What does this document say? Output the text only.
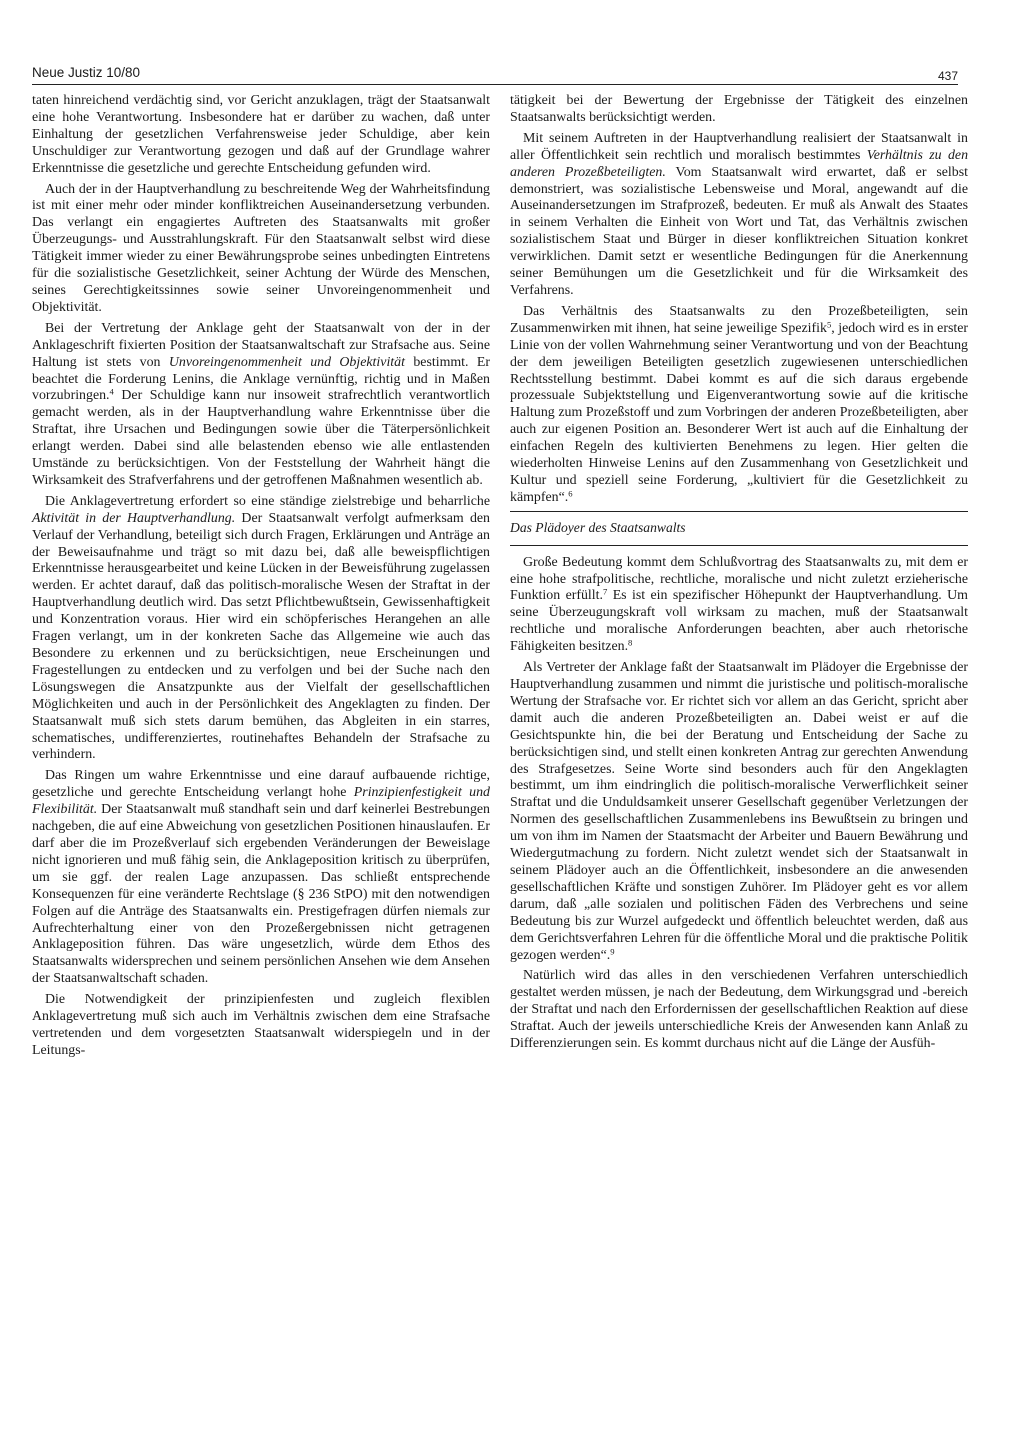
Neue Justiz 10/80	437

taten hinreichend verdächtig sind, vor Gericht anzuklagen, trägt der Staatsanwalt eine hohe Verantwortung. Insbesondere hat er darüber zu wachen, daß unter Einhaltung der gesetzlichen Verfahrensweise jeder Schuldige, aber kein Unschuldiger zur Verantwortung gezogen und daß auf der Grundlage wahrer Erkenntnisse die gesetzliche und gerechte Entscheidung gefunden wird.

Auch der in der Hauptverhandlung zu beschreitende Weg der Wahrheitsfindung ist mit einer mehr oder minder konfliktreichen Auseinandersetzung verbunden. Das verlangt ein engagiertes Auftreten des Staatsanwalts mit großer Überzeugungs- und Ausstrahlungskraft. Für den Staatsanwalt selbst wird diese Tätigkeit immer wieder zu einer Bewährungsprobe seines unbedingten Eintretens für die sozialistische Gesetzlichkeit, seiner Achtung der Würde des Menschen, seines Gerechtigkeitssinnes sowie seiner Unvoreingenommenheit und Objektivität.

Bei der Vertretung der Anklage geht der Staatsanwalt von der in der Anklageschrift fixierten Position der Staatsanwaltschaft zur Strafsache aus. Seine Haltung ist stets von Unvoreingenommenheit und Objektivität bestimmt. Er beachtet die Forderung Lenins, die Anklage vernünftig, richtig und in Maßen vorzubringen.$^4$ Der Schuldige kann nur insoweit strafrechtlich verantwortlich gemacht werden, als in der Hauptverhandlung wahre Erkenntnisse über die Straftat, ihre Ursachen und Bedingungen sowie über die Täterpersönlichkeit erlangt werden. Dabei sind alle belastenden ebenso wie alle entlastenden Umstände zu berücksichtigen. Von der Feststellung der Wahrheit hängt die Wirksamkeit des Strafverfahrens und der getroffenen Maßnahmen wesentlich ab.

Die Anklagevertretung erfordert so eine ständige zielstrebige und beharrliche Aktivität in der Hauptverhandlung. Der Staatsanwalt verfolgt aufmerksam den Verlauf der Verhandlung, beteiligt sich durch Fragen, Erklärungen und Anträge an der Beweisaufnahme und trägt so mit dazu bei, daß alle beweispflichtigen Erkenntnisse herausgearbeitet und keine Lücken in der Beweisführung zugelassen werden. Er achtet darauf, daß das politisch-moralische Wesen der Straftat in der Hauptverhandlung deutlich wird. Das setzt Pflichtbewußtsein, Gewissenhaftigkeit und Konzentration voraus. Hier wird ein schöpferisches Herangehen an alle Fragen verlangt, um in der konkreten Sache das Allgemeine wie auch das Besondere zu erkennen und zu berücksichtigen, neue Erscheinungen und Fragestellungen zu entdecken und zu verfolgen und bei der Suche nach den Lösungswegen die Ansatzpunkte aus der Vielfalt der gesellschaftlichen Möglichkeiten und auch in der Persönlichkeit des Angeklagten zu finden. Der Staatsanwalt muß sich stets darum bemühen, das Abgleiten in ein starres, schematisches, undifferenziertes, routinehaftes Behandeln der Strafsache zu verhindern.

Das Ringen um wahre Erkenntnisse und eine darauf aufbauende richtige, gesetzliche und gerechte Entscheidung verlangt hohe Prinzipienfestigkeit und Flexibilität. Der Staatsanwalt muß standhaft sein und darf keinerlei Bestrebungen nachgeben, die auf eine Abweichung von gesetzlichen Positionen hinauslaufen. Er darf aber die im Prozeßverlauf sich ergebenden Veränderungen der Beweislage nicht ignorieren und muß fähig sein, die Anklageposition kritisch zu überprüfen, um sie ggf. der realen Lage anzupassen. Das schließt entsprechende Konsequenzen für eine veränderte Rechtslage (§ 236 StPO) mit den notwendigen Folgen auf die Anträge des Staatsanwalts ein. Prestigefragen dürfen niemals zur Aufrechterhaltung einer von den Prozeßergebnissen nicht getragenen Anklageposition führen. Das wäre ungesetzlich, würde dem Ethos des Staatsanwalts widersprechen und seinem persönlichen Ansehen wie dem Ansehen der Staatsanwaltschaft schaden.

Die Notwendigkeit der prinzipienfesten und zugleich flexiblen Anklagevertretung muß sich auch im Verhältnis zwischen dem eine Strafsache vertretenden und dem vorgesetzten Staatsanwalt widerspiegeln und in der Leitungs-

tätigkeit bei der Bewertung der Ergebnisse der Tätigkeit des einzelnen Staatsanwalts berücksichtigt werden.

Mit seinem Auftreten in der Hauptverhandlung realisiert der Staatsanwalt in aller Öffentlichkeit sein rechtlich und moralisch bestimmtes Verhältnis zu den anderen Prozeßbeteiligten. Vom Staatsanwalt wird erwartet, daß er selbst demonstriert, was sozialistische Lebensweise und Moral, angewandt auf die Auseinandersetzungen im Strafprozeß, bedeuten. Er muß als Anwalt des Staates in seinem Verhalten die Einheit von Wort und Tat, das Verhältnis zwischen sozialistischem Staat und Bürger in dieser konfliktreichen Situation konkret verwirklichen. Damit setzt er wesentliche Bedingungen für die Anerkennung seiner Bemühungen um die Gesetzlichkeit und für die Wirksamkeit des Verfahrens.

Das Verhältnis des Staatsanwalts zu den Prozeßbeteiligten, sein Zusammenwirken mit ihnen, hat seine jeweilige Spezifik$^5$, jedoch wird es in erster Linie von der vollen Wahrnehmung seiner Verantwortung und von der Beachtung der dem jeweiligen Beteiligten gesetzlich zugewiesenen unterschiedlichen Rechtsstellung bestimmt. Dabei kommt es auf die sich daraus ergebende prozessuale Subjektstellung und Eigenverantwortung sowie auf die kritische Haltung zum Prozeßstoff und zum Vorbringen der anderen Prozeßbeteiligten, aber auch zur eigenen Position an. Besonderer Wert ist auch auf die Einhaltung der einfachen Regeln des kultivierten Benehmens zu legen. Hier gelten die wiederholten Hinweise Lenins auf den Zusammenhang von Gesetzlichkeit und Kultur und speziell seine Forderung, „kultiviert für die Gesetzlichkeit zu kämpfen“.$^6$

Das Plädoyer des Staatsanwalts

Große Bedeutung kommt dem Schlußvortrag des Staatsanwalts zu, mit dem er eine hohe strafpolitische, rechtliche, moralische und nicht zuletzt erzieherische Funktion erfüllt.$^7$ Es ist ein spezifischer Höhepunkt der Hauptverhandlung. Um seine Überzeugungskraft voll wirksam zu machen, muß der Staatsanwalt rechtliche und moralische Anforderungen beachten, aber auch rhetorische Fähigkeiten besitzen.$^8$

Als Vertreter der Anklage faßt der Staatsanwalt im Plädoyer die Ergebnisse der Hauptverhandlung zusammen und nimmt die juristische und politisch-moralische Wertung der Strafsache vor. Er richtet sich vor allem an das Gericht, spricht aber damit auch die anderen Prozeßbeteiligten an. Dabei weist er auf die Gesichtspunkte hin, die bei der Beratung und Entscheidung der Sache zu berücksichtigen sind, und stellt einen konkreten Antrag zur gerechten Anwendung des Strafgesetzes. Seine Worte sind besonders auch für den Angeklagten bestimmt, um ihm eindringlich die politisch-moralische Verwerflichkeit seiner Straftat und die Unduldsamkeit unserer Gesellschaft gegenüber Verletzungen der Normen des gesellschaftlichen Zusammenlebens ins Bewußtsein zu bringen und um von ihm im Namen der Staatsmacht der Arbeiter und Bauern Bewährung und Wiedergutmachung zu fordern. Nicht zuletzt wendet sich der Staatsanwalt in seinem Plädoyer auch an die Öffentlichkeit, insbesondere an die anwesenden gesellschaftlichen Kräfte und sonstigen Zuhörer. Im Plädoyer geht es vor allem darum, daß „alle sozialen und politischen Fäden des Verbrechens und seine Bedeutung bis zur Wurzel aufgedeckt und öffentlich beleuchtet werden, daß aus dem Gerichtsverfahren Lehren für die öffentliche Moral und die praktische Politik gezogen werden“.$^9$

Natürlich wird das alles in den verschiedenen Verfahren unterschiedlich gestaltet werden müssen, je nach der Bedeutung, dem Wirkungsgrad und -bereich der Straftat und nach den Erfordernissen der gesellschaftlichen Reaktion auf diese Straftat. Auch der jeweils unterschiedliche Kreis der Anwesenden kann Anlaß zu Differenzierungen sein. Es kommt durchaus nicht auf die Länge der Ausfüh-
